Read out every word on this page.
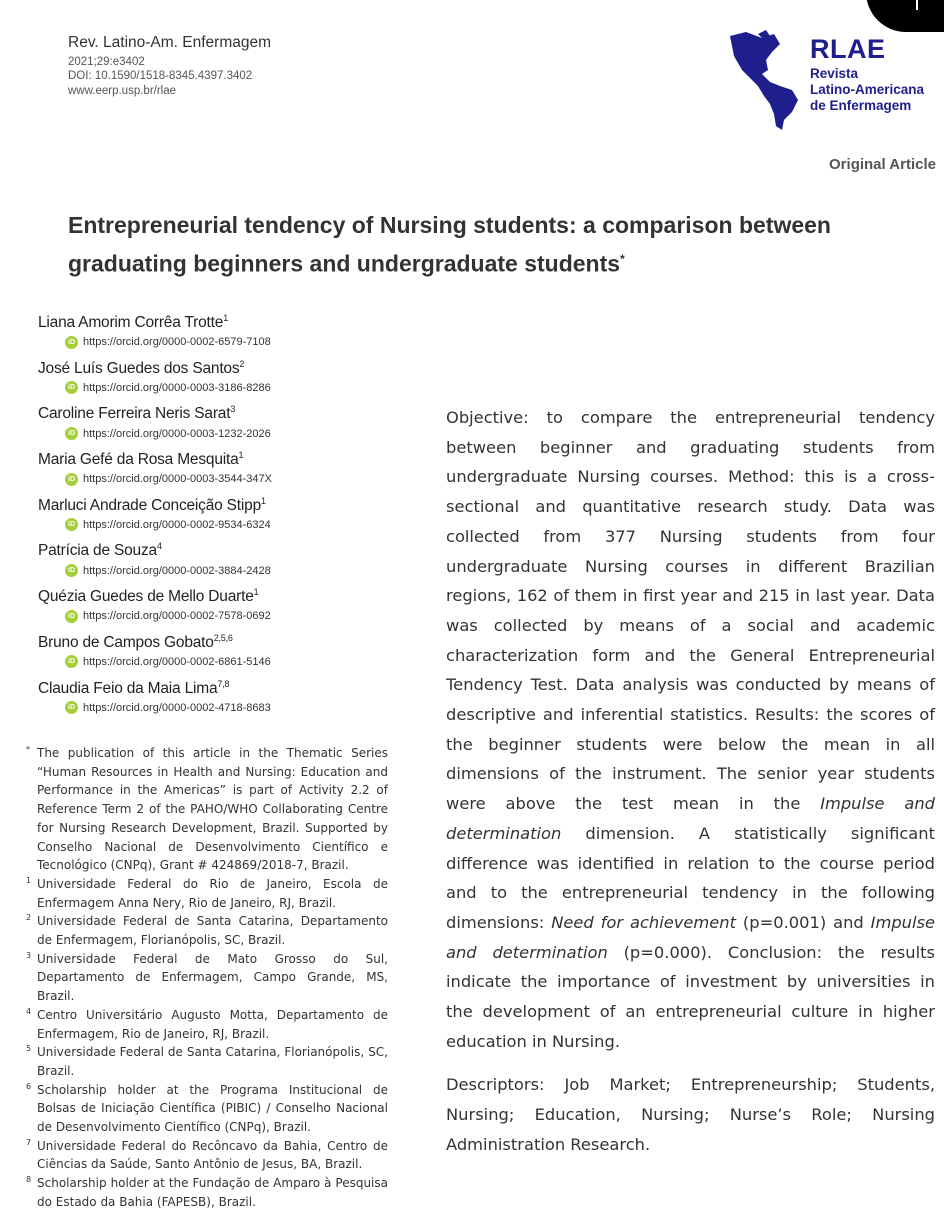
Rev. Latino-Am. Enfermagem
2021;29:e3402
DOI: 10.1590/1518-8345.4397.3402
www.eerp.usp.br/rlae
RLAE
Revista
Latino-Americana
de Enfermagem
Original Article
Entrepreneurial tendency of Nursing students: a comparison between graduating beginners and undergraduate students*
Liana Amorim Corrêa Trotte$^1$
iD https://orcid.org/0000-0002-6579-7108
José Luís Guedes dos Santos$^2$
iD https://orcid.org/0000-0003-3186-8286
Caroline Ferreira Neris Sarat$^3$
iD https://orcid.org/0000-0003-1232-2026
Maria Gefé da Rosa Mesquita$^1$
iD https://orcid.org/0000-0003-3544-347X
Marluci Andrade Conceição Stipp$^1$
iD https://orcid.org/0000-0002-9534-6324
Patrícia de Souza$^4$
iD https://orcid.org/0000-0002-3884-2428
Quézia Guedes de Mello Duarte$^1$
iD https://orcid.org/0000-0002-7578-0692
Bruno de Campos Gobato$^{2,5,6}$
iD https://orcid.org/0000-0002-6861-5146
Claudia Feio da Maia Lima$^{7,8}$
iD https://orcid.org/0000-0002-4718-8683
* The publication of this article in the Thematic Series “Human Resources in Health and Nursing: Education and Performance in the Americas” is part of Activity 2.2 of Reference Term 2 of the PAHO/WHO Collaborating Centre for Nursing Research Development, Brazil. Supported by Conselho Nacional de Desenvolvimento Científico e Tecnológico (CNPq), Grant # 424869/2018-7, Brazil.
1 Universidade Federal do Rio de Janeiro, Escola de Enfermagem Anna Nery, Rio de Janeiro, RJ, Brazil.
2 Universidade Federal de Santa Catarina, Departamento de Enfermagem, Florianópolis, SC, Brazil.
3 Universidade Federal de Mato Grosso do Sul, Departamento de Enfermagem, Campo Grande, MS, Brazil.
4 Centro Universitário Augusto Motta, Departamento de Enfermagem, Rio de Janeiro, RJ, Brazil.
5 Universidade Federal de Santa Catarina, Florianópolis, SC, Brazil.
6 Scholarship holder at the Programa Institucional de Bolsas de Iniciação Científica (PIBIC) / Conselho Nacional de Desenvolvimento Científico (CNPq), Brazil.
7 Universidade Federal do Recôncavo da Bahia, Centro de Ciências da Saúde, Santo Antônio de Jesus, BA, Brazil.
8 Scholarship holder at the Fundação de Amparo à Pesquisa do Estado da Bahia (FAPESB), Brazil.

Objective: to compare the entrepreneurial tendency between beginner and graduating students from undergraduate Nursing courses. Method: this is a cross-sectional and quantitative research study. Data was collected from 377 Nursing students from four undergraduate Nursing courses in different Brazilian regions, 162 of them in first year and 215 in last year. Data was collected by means of a social and academic characterization form and the General Entrepreneurial Tendency Test. Data analysis was conducted by means of descriptive and inferential statistics. Results: the scores of the beginner students were below the mean in all dimensions of the instrument. The senior year students were above the test mean in the Impulse and determination dimension. A statistically significant difference was identified in relation to the course period and to the entrepreneurial tendency in the following dimensions: Need for achievement (p=0.001) and Impulse and determination (p=0.000). Conclusion: the results indicate the importance of investment by universities in the development of an entrepreneurial culture in higher education in Nursing.

Descriptors: Job Market; Entrepreneurship; Students, Nursing; Education, Nursing; Nurse’s Role; Nursing Administration Research.
